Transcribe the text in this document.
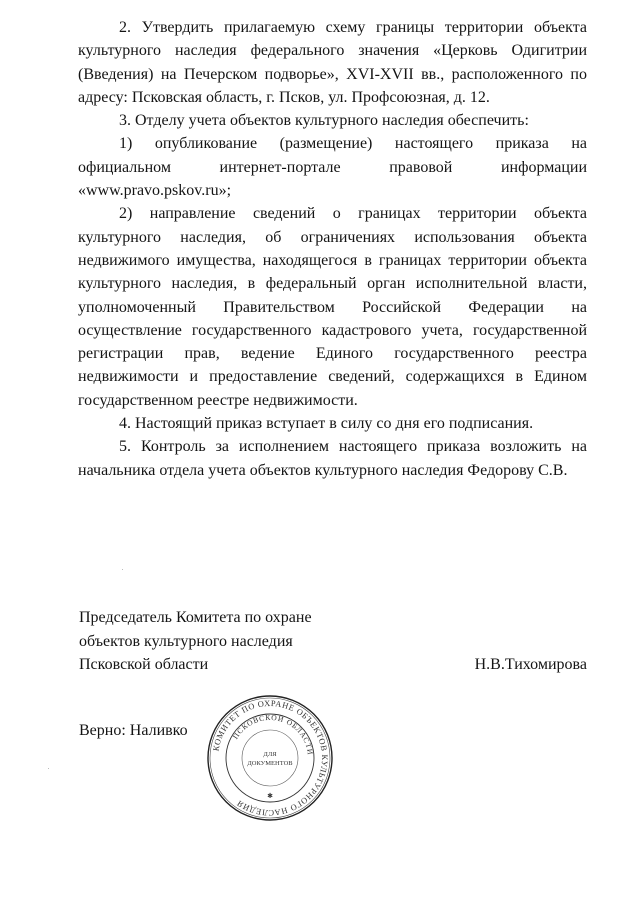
2. Утвердить прилагаемую схему границы территории объекта культурного наследия федерального значения «Церковь Одигитрии (Введения) на Печерском подворье», XVI-XVII вв., расположенного по адресу: Псковская область, г. Псков, ул. Профсоюзная, д. 12.

3. Отделу учета объектов культурного наследия обеспечить:

1) опубликование (размещение) настоящего приказа на официальном интернет-портале правовой информации «www.pravo.pskov.ru»;

2) направление сведений о границах территории объекта культурного наследия, об ограничениях использования объекта недвижимого имущества, находящегося в границах территории объекта культурного наследия, в федеральный орган исполнительной власти, уполномоченный Правительством Российской Федерации на осуществление государственного кадастрового учета, государственной регистрации прав, ведение Единого государственного реестра недвижимости и предоставление сведений, содержащихся в Едином государственном реестре недвижимости.

4. Настоящий приказ вступает в силу со дня его подписания.

5. Контроль за исполнением настоящего приказа возложить на начальника отдела учета объектов культурного наследия Федорову С.В.

Председатель Комитета по охране
объектов культурного наследия
Псковской области	Н.В.Тихомирова
Верно: Наливко
КОМИТЕТ ПО ОХРАНЕ ОБЪЕКТОВ КУЛЬТУРНОГО НАСЛЕДИЯ
ПСКОВСКОЙ ОБЛАСТИ
ДЛЯ
ДОКУМЕНТОВ
✱
